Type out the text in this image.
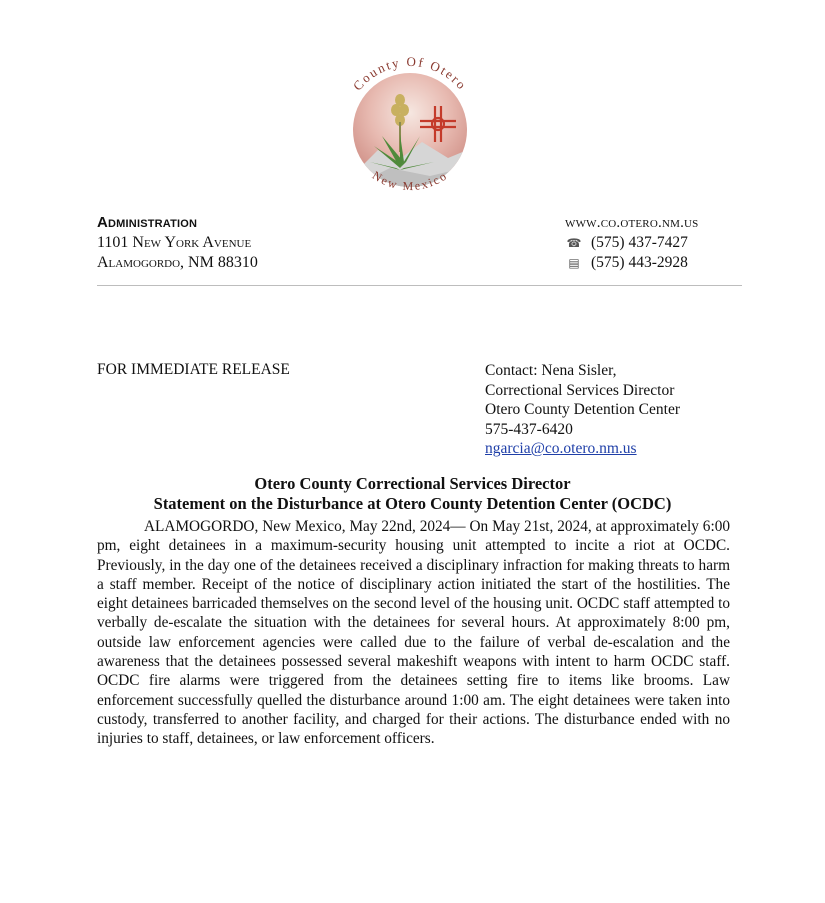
County Of Otero
New Mexico
Administration
1101 New York Avenue
Alamogordo, NM 88310
www.co.otero.nm.us
☎ (575) 437-7427
▤ (575) 443-2928
FOR IMMEDIATE RELEASE	Contact: Nena Sisler,
Correctional Services Director
Otero County Detention Center
575-437-6420
ngarcia@co.otero.nm.us
Otero County Correctional Services Director
Statement on the Disturbance at Otero County Detention Center (OCDC)

ALAMOGORDO, New Mexico, May 22nd, 2024— On May 21st, 2024, at approximately 6:00 pm, eight detainees in a maximum-security housing unit attempted to incite a riot at OCDC. Previously, in the day one of the detainees received a disciplinary infraction for making threats to harm a staff member. Receipt of the notice of disciplinary action initiated the start of the hostilities. The eight detainees barricaded themselves on the second level of the housing unit. OCDC staff attempted to verbally de-escalate the situation with the detainees for several hours. At approximately 8:00 pm, outside law enforcement agencies were called due to the failure of verbal de-escalation and the awareness that the detainees possessed several makeshift weapons with intent to harm OCDC staff. OCDC fire alarms were triggered from the detainees setting fire to items like brooms. Law enforcement successfully quelled the disturbance around 1:00 am. The eight detainees were taken into custody, transferred to another facility, and charged for their actions. The disturbance ended with no injuries to staff, detainees, or law enforcement officers.
